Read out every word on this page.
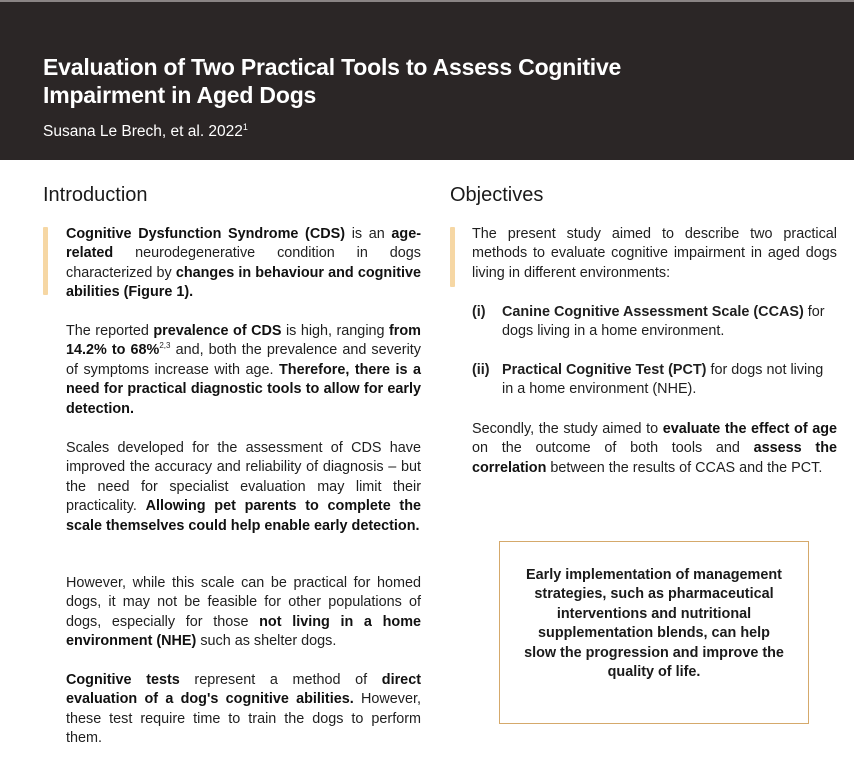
Evaluation of Two Practical Tools to Assess Cognitive Impairment in Aged Dogs
Susana Le Brech, et al. 2022$^1$
Introduction
Cognitive Dysfunction Syndrome (CDS) is an age-related neurodegenerative condition in dogs characterized by changes in behaviour and cognitive abilities (Figure 1).
The reported prevalence of CDS is high, ranging from 14.2% to 68%$^{2,3}$ and, both the prevalence and severity of symptoms increase with age. Therefore, there is a need for practical diagnostic tools to allow for early detection.
Scales developed for the assessment of CDS have improved the accuracy and reliability of diagnosis – but the need for specialist evaluation may limit their practicality. Allowing pet parents to complete the scale themselves could help enable early detection.
However, while this scale can be practical for homed dogs, it may not be feasible for other populations of dogs, especially for those not living in a home environment (NHE) such as shelter dogs.
Cognitive tests represent a method of direct evaluation of a dog's cognitive abilities. However, these test require time to train the dogs to perform them.
Objectives
The present study aimed to describe two practical methods to evaluate cognitive impairment in aged dogs living in different environments:
(i) Canine Cognitive Assessment Scale (CCAS) for dogs living in a home environment.
(ii) Practical Cognitive Test (PCT) for dogs not living in a home environment (NHE).
Secondly, the study aimed to evaluate the effect of age on the outcome of both tools and assess the correlation between the results of CCAS and the PCT.
Early implementation of management strategies, such as pharmaceutical interventions and nutritional supplementation blends, can help slow the progression and improve the quality of life.
